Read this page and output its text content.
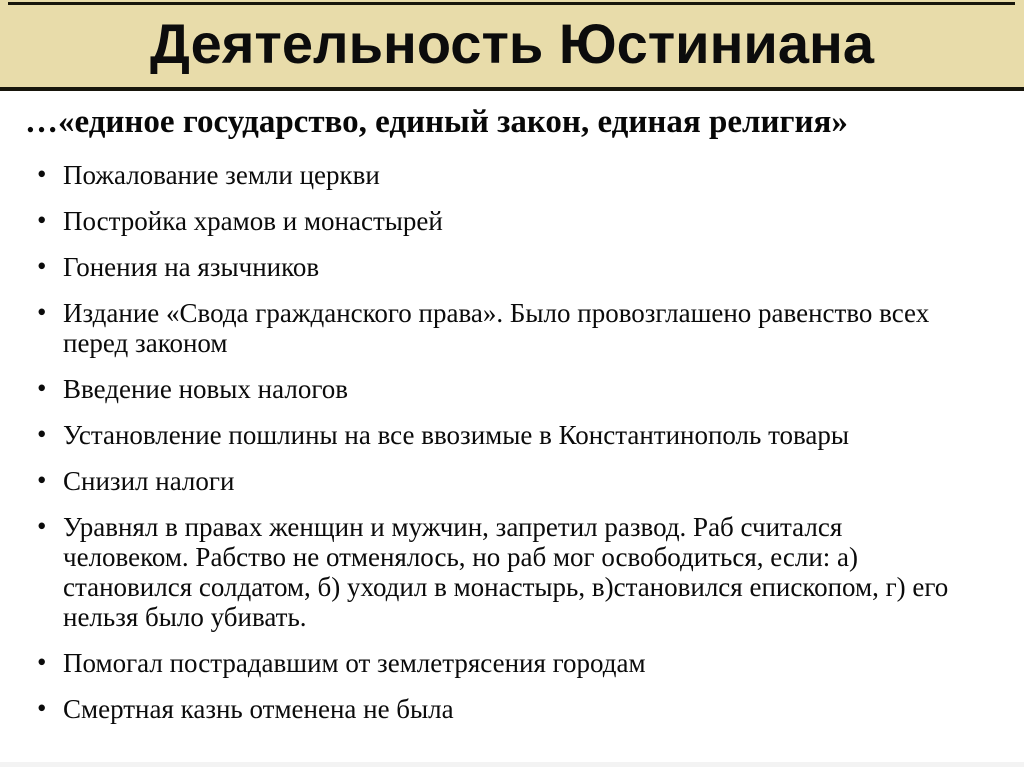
Деятельность Юстиниана

…«единое государство, единый закон, единая религия»

• Пожалование земли церкви
• Постройка храмов и монастырей
• Гонения на язычников
• Издание «Свода гражданского права». Было провозглашено равенство всех перед законом
• Введение новых налогов
• Установление пошлины на все ввозимые в Константинополь товары
• Снизил налоги
• Уравнял в правах женщин и мужчин, запретил развод. Раб считался человеком. Рабство не отменялось, но раб мог освободиться, если: а) становился солдатом, б) уходил в монастырь, в)становился епископом, г) его нельзя было убивать.
• Помогал пострадавшим от землетрясения городам
• Смертная казнь отменена не была
